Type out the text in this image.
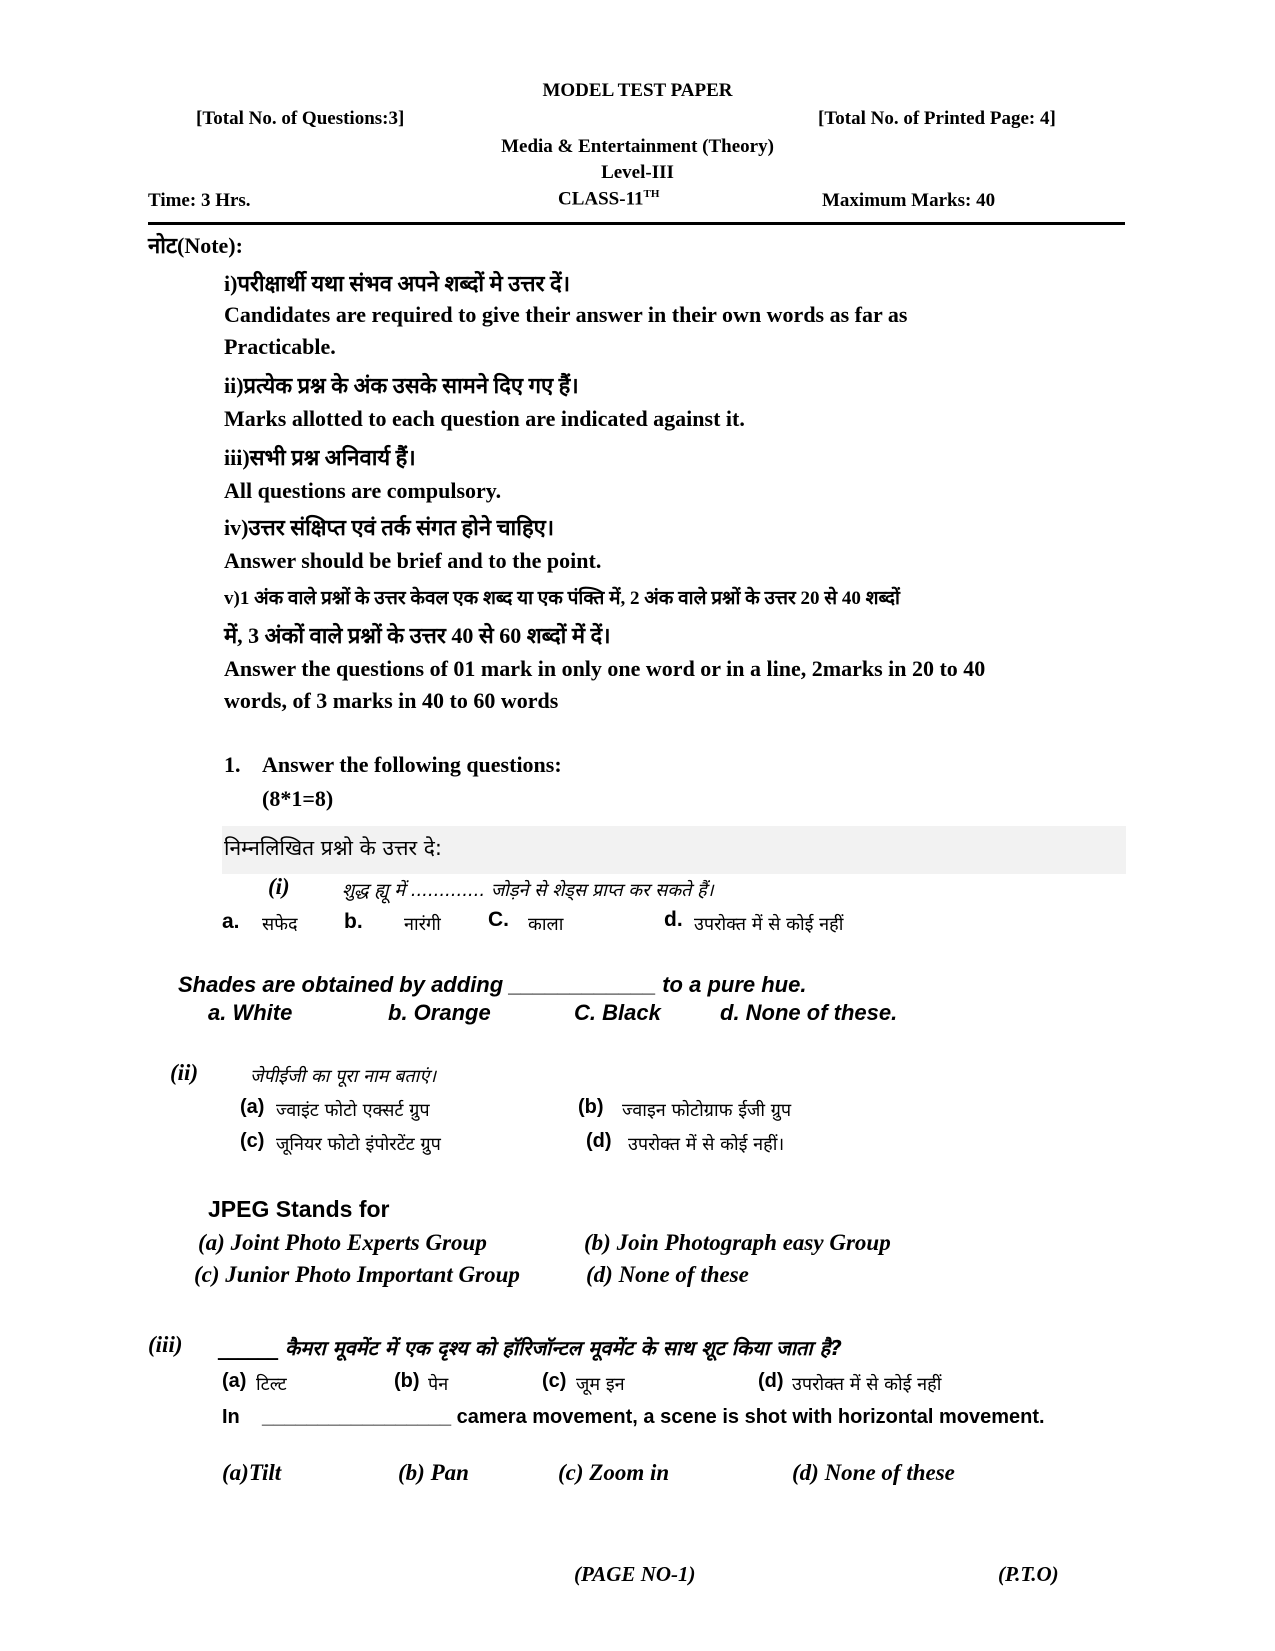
MODEL TEST PAPER
[Total No. of Questions:3]	[Total No. of Printed Page: 4]
Media & Entertainment (Theory)
Level-III
Time: 3 Hrs.	CLASS-11TH	Maximum Marks: 40
नोट(Note):
i)परीक्षार्थी यथा संभव अपने शब्दों मे उत्तर दें।
Candidates are required to give their answer in their own words as far as
Practicable.
ii)प्रत्येक प्रश्न के अंक उसके सामने दिए गए हैं।
Marks allotted to each question are indicated against it.
iii)सभी प्रश्न अनिवार्य हैं।
All questions are compulsory.
iv)उत्तर संक्षिप्त एवं तर्क संगत होने चाहिए।
Answer should be brief and to the point.
v)1 अंक वाले प्रश्नों के उत्तर केवल एक शब्द या एक पंक्ति में, 2 अंक वाले प्रश्नों के उत्तर 20 से 40 शब्दों
में, 3 अंकों वाले प्रश्नों के उत्तर 40 से 60 शब्दों में दें।
Answer the questions of 01 mark in only one word or in a line, 2marks in 20 to 40
words, of 3 marks in 40 to 60 words
1. Answer the following questions:
(8*1=8)
निम्नलिखित प्रश्नो के उत्तर दे:
(i)	शुद्ध ह्यू में ............. जोड़ने से शेड्स प्राप्त कर सकते हैं।
a. सफेद b. नारंगी C. काला	d. उपरोक्त में से कोई नहीं
Shades are obtained by adding ____________ to a pure hue.
a. White	b. Orange	C. Black	d. None of these.
(ii)	जेपीईजी का पूरा नाम बताएं।
(a) ज्वाइंट फोटो एक्सर्ट ग्रुप	(b) ज्वाइन फोटोग्राफ ईजी ग्रुप
(c) जूनियर फोटो इंपोरटेंट ग्रुप	(d) उपरोक्त में से कोई नहीं।
JPEG Stands for
(a) Joint Photo Experts Group	(b) Join Photograph easy Group
(c) Junior Photo Important Group	(d) None of these
(iii) ______ कैमरा मूवमेंट में एक दृश्य को हॉरिजॉन्टल मूवमेंट के साथ शूट किया जाता है?
(a) टिल्ट	(b) पेन	(c) जूम इन	(d) उपरोक्त में से कोई नहीं
In _________________ camera movement, a scene is shot with horizontal movement.
(a)Tilt	(b) Pan	(c) Zoom in	(d) None of these
(PAGE NO-1)	(P.T.O)
